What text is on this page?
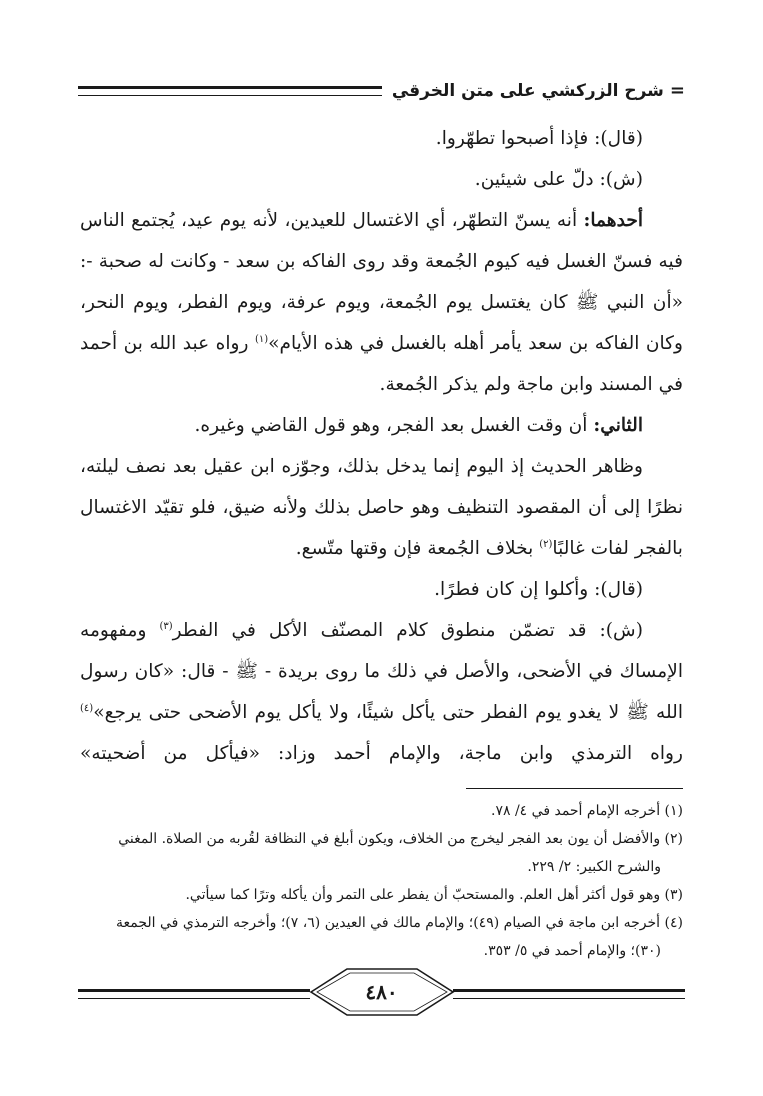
=
شرح الزركشي على متن الخرقي

(قال): فإذا أصبحوا تطهّروا.

(ش): دلّ على شيئين.

أحدهما: أنه يسنّ التطهّر، أي الاغتسال للعيدين، لأنه يوم عيد، يُجتمع الناس فيه فسنّ الغسل فيه كيوم الجُمعة وقد روى الفاكه بن سعد - وكانت له صحبة -: «أن النبي ﷺ كان يغتسل يوم الجُمعة، ويوم عرفة، ويوم الفطر، ويوم النحر، وكان الفاكه بن سعد يأمر أهله بالغسل في هذه الأيام»$^{(١)}$ رواه عبد الله بن أحمد في المسند وابن ماجة ولم يذكر الجُمعة.

الثاني: أن وقت الغسل بعد الفجر، وهو قول القاضي وغيره.

وظاهر الحديث إذ اليوم إنما يدخل بذلك، وجوّزه ابن عقيل بعد نصف ليلته، نظرًا إلى أن المقصود التنظيف وهو حاصل بذلك ولأنه ضيق، فلو تقيّد الاغتسال بالفجر لفات غالبًا$^{(٢)}$ بخلاف الجُمعة فإن وقتها متّسع.

(قال): وأكلوا إن كان فطرًا.

(ش): قد تضمّن منطوق كلام المصنّف الأكل في الفطر$^{(٣)}$ ومفهومه الإمساك في الأضحى، والأصل في ذلك ما روى بريدة - ﷺ - قال: «كان رسول الله ﷺ لا يغدو يوم الفطر حتى يأكل شيئًا، ولا يأكل يوم الأضحى حتى يرجع»$^{(٤)}$ رواه الترمذي وابن ماجة، والإمام أحمد وزاد: «فيأكل من أضحيته»

(١) أخرجه الإمام أحمد في ٤/ ٧٨.

(٢) والأفضل أن يون بعد الفجر ليخرج من الخلاف، ويكون أبلغ في النظافة لقُربه من الصلاة. المغني

والشرح الكبير: ٢/ ٢٢٩.

(٣) وهو قول أكثر أهل العلم. والمستحبّ أن يفطر على التمر وأن يأكله وترًا كما سيأتي.

(٤) أخرجه ابن ماجة في الصيام (٤٩)؛ والإمام مالك في العيدين (٦، ٧)؛ وأخرجه الترمذي في الجمعة

(٣٠)؛ والإمام أحمد في ٥/ ٣٥٣.

٤٨٠
